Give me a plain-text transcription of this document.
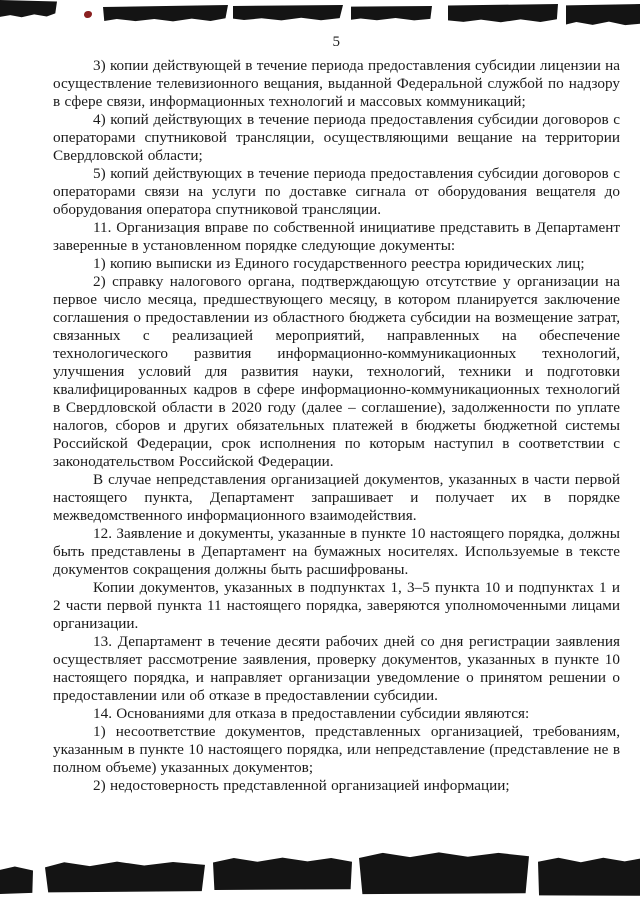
5

3) копии действующей в течение периода предоставления субсидии лицензии на осуществление телевизионного вещания, выданной Федеральной службой по надзору в сфере связи, информационных технологий и массовых коммуникаций;

4) копий действующих в течение периода предоставления субсидии договоров с операторами спутниковой трансляции, осуществляющими вещание на территории Свердловской области;

5) копий действующих в течение периода предоставления субсидии договоров с операторами связи на услуги по доставке сигнала от оборудования вещателя до оборудования оператора спутниковой трансляции.

11. Организация вправе по собственной инициативе представить в Департамент заверенные в установленном порядке следующие документы:

1) копию выписки из Единого государственного реестра юридических лиц;

2) справку налогового органа, подтверждающую отсутствие у организации на первое число месяца, предшествующего месяцу, в котором планируется заключение соглашения о предоставлении из областного бюджета субсидии на возмещение затрат, связанных с реализацией мероприятий, направленных на обеспечение технологического развития информационно-коммуникационных технологий, улучшения условий для развития науки, технологий, техники и подготовки квалифицированных кадров в сфере информационно-коммуникационных технологий в Свердловской области в 2020 году (далее – соглашение), задолженности по уплате налогов, сборов и других обязательных платежей в бюджеты бюджетной системы Российской Федерации, срок исполнения по которым наступил в соответствии с законодательством Российской Федерации.

В случае непредставления организацией документов, указанных в части первой настоящего пункта, Департамент запрашивает и получает их в порядке межведомственного информационного взаимодействия.

12. Заявление и документы, указанные в пункте 10 настоящего порядка, должны быть представлены в Департамент на бумажных носителях. Используемые в тексте документов сокращения должны быть расшифрованы.

Копии документов, указанных в подпунктах 1, 3–5 пункта 10 и подпунктах 1 и 2 части первой пункта 11 настоящего порядка, заверяются уполномоченными лицами организации.

13. Департамент в течение десяти рабочих дней со дня регистрации заявления осуществляет рассмотрение заявления, проверку документов, указанных в пункте 10 настоящего порядка, и направляет организации уведомление о принятом решении о предоставлении или об отказе в предоставлении субсидии.

14. Основаниями для отказа в предоставлении субсидии являются:

1) несоответствие документов, представленных организацией, требованиям, указанным в пункте 10 настоящего порядка, или непредставление (представление не в полном объеме) указанных документов;

2) недостоверность представленной организацией информации;
